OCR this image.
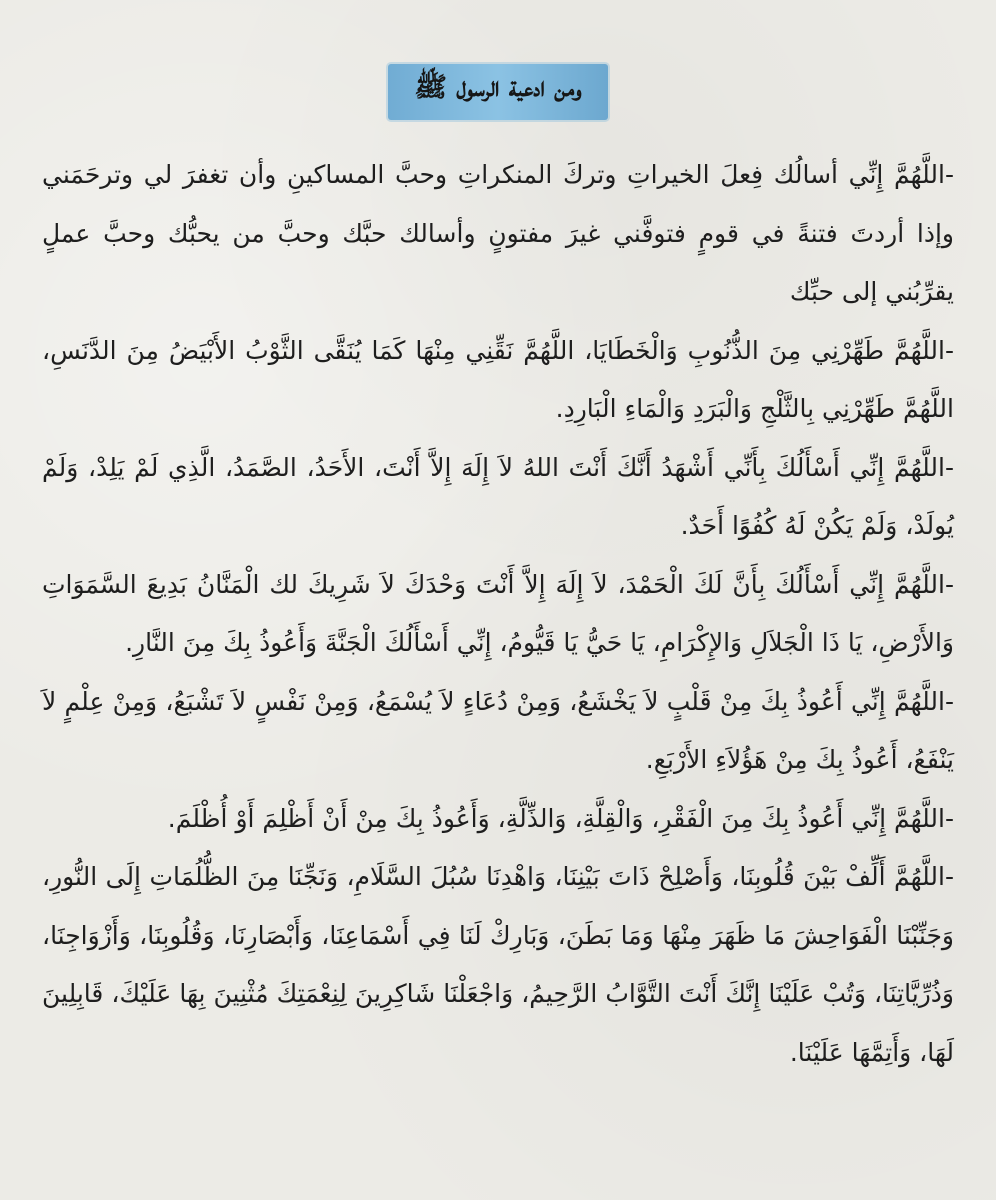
ومن ادعية الرسول ﷺ

-اللَّهُمَّ إِنِّي أسالُك فِعلَ الخيراتِ وتركَ المنكراتِ وحبَّ المساكينِ وأن تغفرَ لي وترحَمَني وإذا أردتَ فتنةً في قومٍ فتوفَّني غيرَ مفتونٍ وأسالك حبَّك وحبَّ من يحبُّك وحبَّ عملٍ يقرِّبُني إلى حبِّك

-اللَّهُمَّ طَهِّرْنِي مِنَ الذُّنُوبِ وَالْخَطَايَا، اللَّهُمَّ نَقِّنِي مِنْهَا كَمَا يُنَقَّى الثَّوْبُ الأَبْيَضُ مِنَ الدَّنَسِ، اللَّهُمَّ طَهِّرْنِي بِالثَّلْجِ وَالْبَرَدِ وَالْمَاءِ الْبَارِدِ.

-اللَّهُمَّ إِنِّي أَسْأَلُكَ بِأَنِّي أَشْهَدُ أَنَّكَ أَنْتَ اللهُ لاَ إِلَهَ إِلاَّ أَنْتَ، الأَحَدُ، الصَّمَدُ، الَّذِي لَمْ يَلِدْ، وَلَمْ يُولَدْ، وَلَمْ يَكُنْ لَهُ كُفُوًا أَحَدٌ.

-اللَّهُمَّ إِنِّي أَسْأَلُكَ بِأَنَّ لَكَ الْحَمْدَ، لاَ إِلَهَ إِلاَّ أَنْتَ وَحْدَكَ لاَ شَرِيكَ لك الْمَنَّانُ بَدِيعَ السَّمَوَاتِ وَالأَرْضِ، يَا ذَا الْجَلاَلِ وَالإِكْرَامِ، يَا حَيُّ يَا قَيُّومُ، إِنِّي أَسْأَلُكَ الْجَنَّةَ وَأَعُوذُ بِكَ مِنَ النَّارِ.

-اللَّهُمَّ إِنِّي أَعُوذُ بِكَ مِنْ قَلْبٍ لاَ يَخْشَعُ، وَمِنْ دُعَاءٍ لاَ يُسْمَعُ، وَمِنْ نَفْسٍ لاَ تَشْبَعُ، وَمِنْ عِلْمٍ لاَ يَنْفَعُ، أَعُوذُ بِكَ مِنْ هَؤُلاَءِ الأَرْبَعِ.

-اللَّهُمَّ إِنِّي أَعُوذُ بِكَ مِنَ الْفَقْرِ، وَالْقِلَّةِ، وَالذِّلَّةِ، وَأَعُوذُ بِكَ مِنْ أَنْ أَظْلِمَ أَوْ أُظْلَمَ.

-اللَّهُمَّ أَلِّفْ بَيْنَ قُلُوبِنَا، وَأَصْلِحْ ذَاتَ بَيْنِنَا، وَاهْدِنَا سُبُلَ السَّلَامِ، وَنَجِّنَا مِنَ الظُّلُمَاتِ إِلَى النُّورِ، وَجَنِّبْنَا الْفَوَاحِشَ مَا ظَهَرَ مِنْهَا وَمَا بَطَنَ، وَبَارِكْ لَنَا فِي أَسْمَاعِنَا، وَأَبْصَارِنَا، وَقُلُوبِنَا، وَأَزْوَاجِنَا، وَذُرِّيَّاتِنَا، وَتُبْ عَلَيْنَا إِنَّكَ أَنْتَ التَّوَّابُ الرَّحِيمُ، وَاجْعَلْنَا شَاكِرِينَ لِنِعْمَتِكَ مُثْنِينَ بِهَا عَلَيْكَ، قَابِلِينَ لَهَا، وَأَتِمَّهَا عَلَيْنَا.
